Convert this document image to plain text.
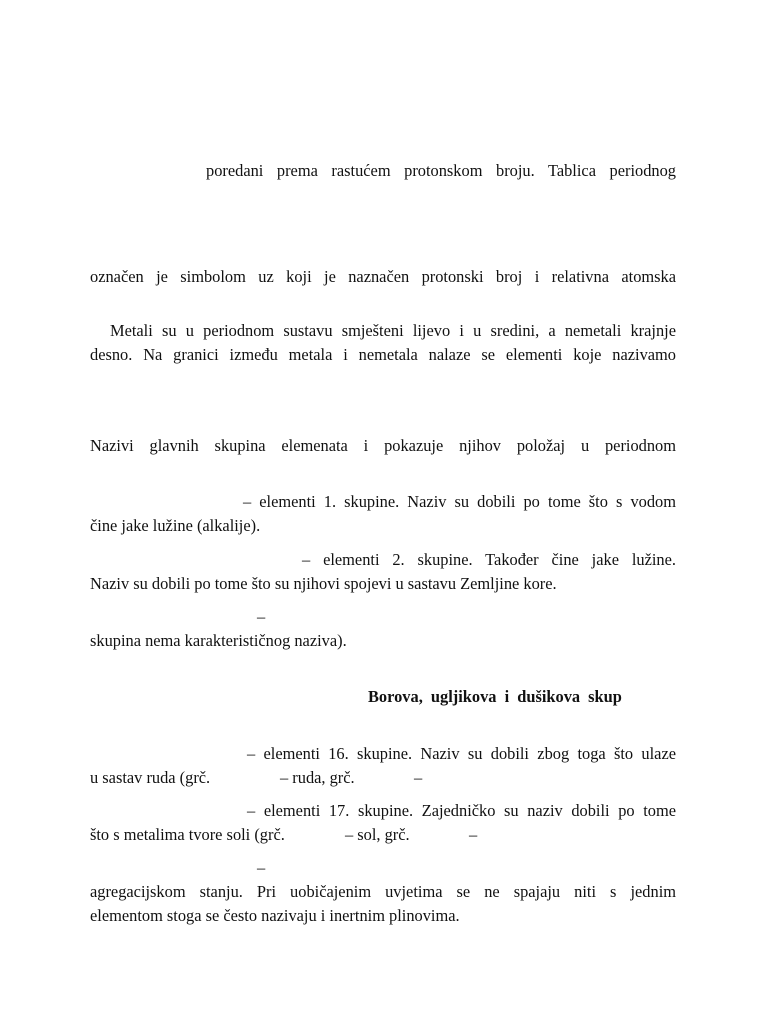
poredani prema rastućem protonskom broju. Tablica periodnog
označen je simbolom uz koji je naznačen protonski broj i relativna atomska
Metali su u periodnom sustavu smješteni lijevo i u sredini, a nemetali krajnje
desno. Na granici između metala i nemetala nalaze se elementi koje nazivamo
Nazivi glavnih skupina elemenata i pokazuje njihov položaj u periodnom
– elementi 1. skupine. Naziv su dobili po tome što s vodom
čine jake lužine (alkalije).
– elementi 2. skupine. Također čine jake lužine.
Naziv su dobili po tome što su njihovi spojevi u sastavu Zemljine kore.
–
skupina nema karakterističnog naziva).
Borova, ugljikova i dušikova skup
– elementi 16. skupine. Naziv su dobili zbog toga što ulaze
u sastav ruda (grč.	– ruda, grč.	–
– elementi 17. skupine. Zajedničko su naziv dobili po tome
što s metalima tvore soli (grč.	– sol, grč.	–
–
agregacijskom stanju. Pri uobičajenim uvjetima se ne spajaju niti s jednim
elementom stoga se često nazivaju i inertnim plinovima.
